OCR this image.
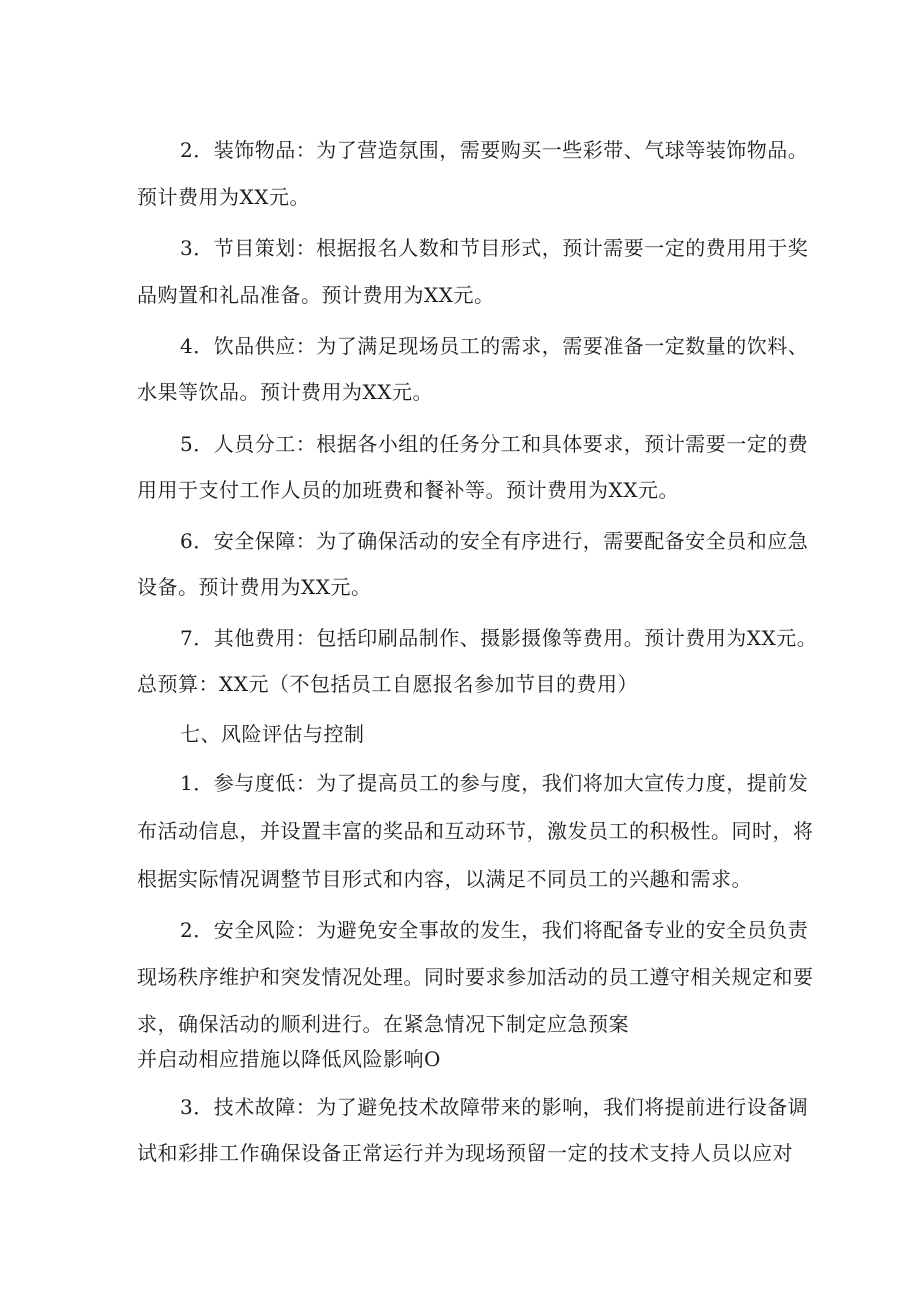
2．装饰物品：为了营造氛围，需要购买一些彩带、气球等装饰物品。
预计费用为XX元。
3．节目策划：根据报名人数和节目形式，预计需要一定的费用用于奖
品购置和礼品准备。预计费用为XX元。
4．饮品供应：为了满足现场员工的需求，需要准备一定数量的饮料、
水果等饮品。预计费用为XX元。
5．人员分工：根据各小组的任务分工和具体要求，预计需要一定的费
用用于支付工作人员的加班费和餐补等。预计费用为XX元。
6．安全保障：为了确保活动的安全有序进行，需要配备安全员和应急
设备。预计费用为XX元。
7．其他费用：包括印刷品制作、摄影摄像等费用。预计费用为XX元。
总预算：XX元（不包括员工自愿报名参加节目的费用）
七、风险评估与控制
1．参与度低：为了提高员工的参与度，我们将加大宣传力度，提前发
布活动信息，并设置丰富的奖品和互动环节，激发员工的积极性。同时，将
根据实际情况调整节目形式和内容，以满足不同员工的兴趣和需求。
2．安全风险：为避免安全事故的发生，我们将配备专业的安全员负责
现场秩序维护和突发情况处理。同时要求参加活动的员工遵守相关规定和要
求，确保活动的顺利进行。在紧急情况下制定应急预案
并启动相应措施以降低风险影响O
3．技术故障：为了避免技术故障带来的影响，我们将提前进行设备调
试和彩排工作确保设备正常运行并为现场预留一定的技术支持人员以应对
